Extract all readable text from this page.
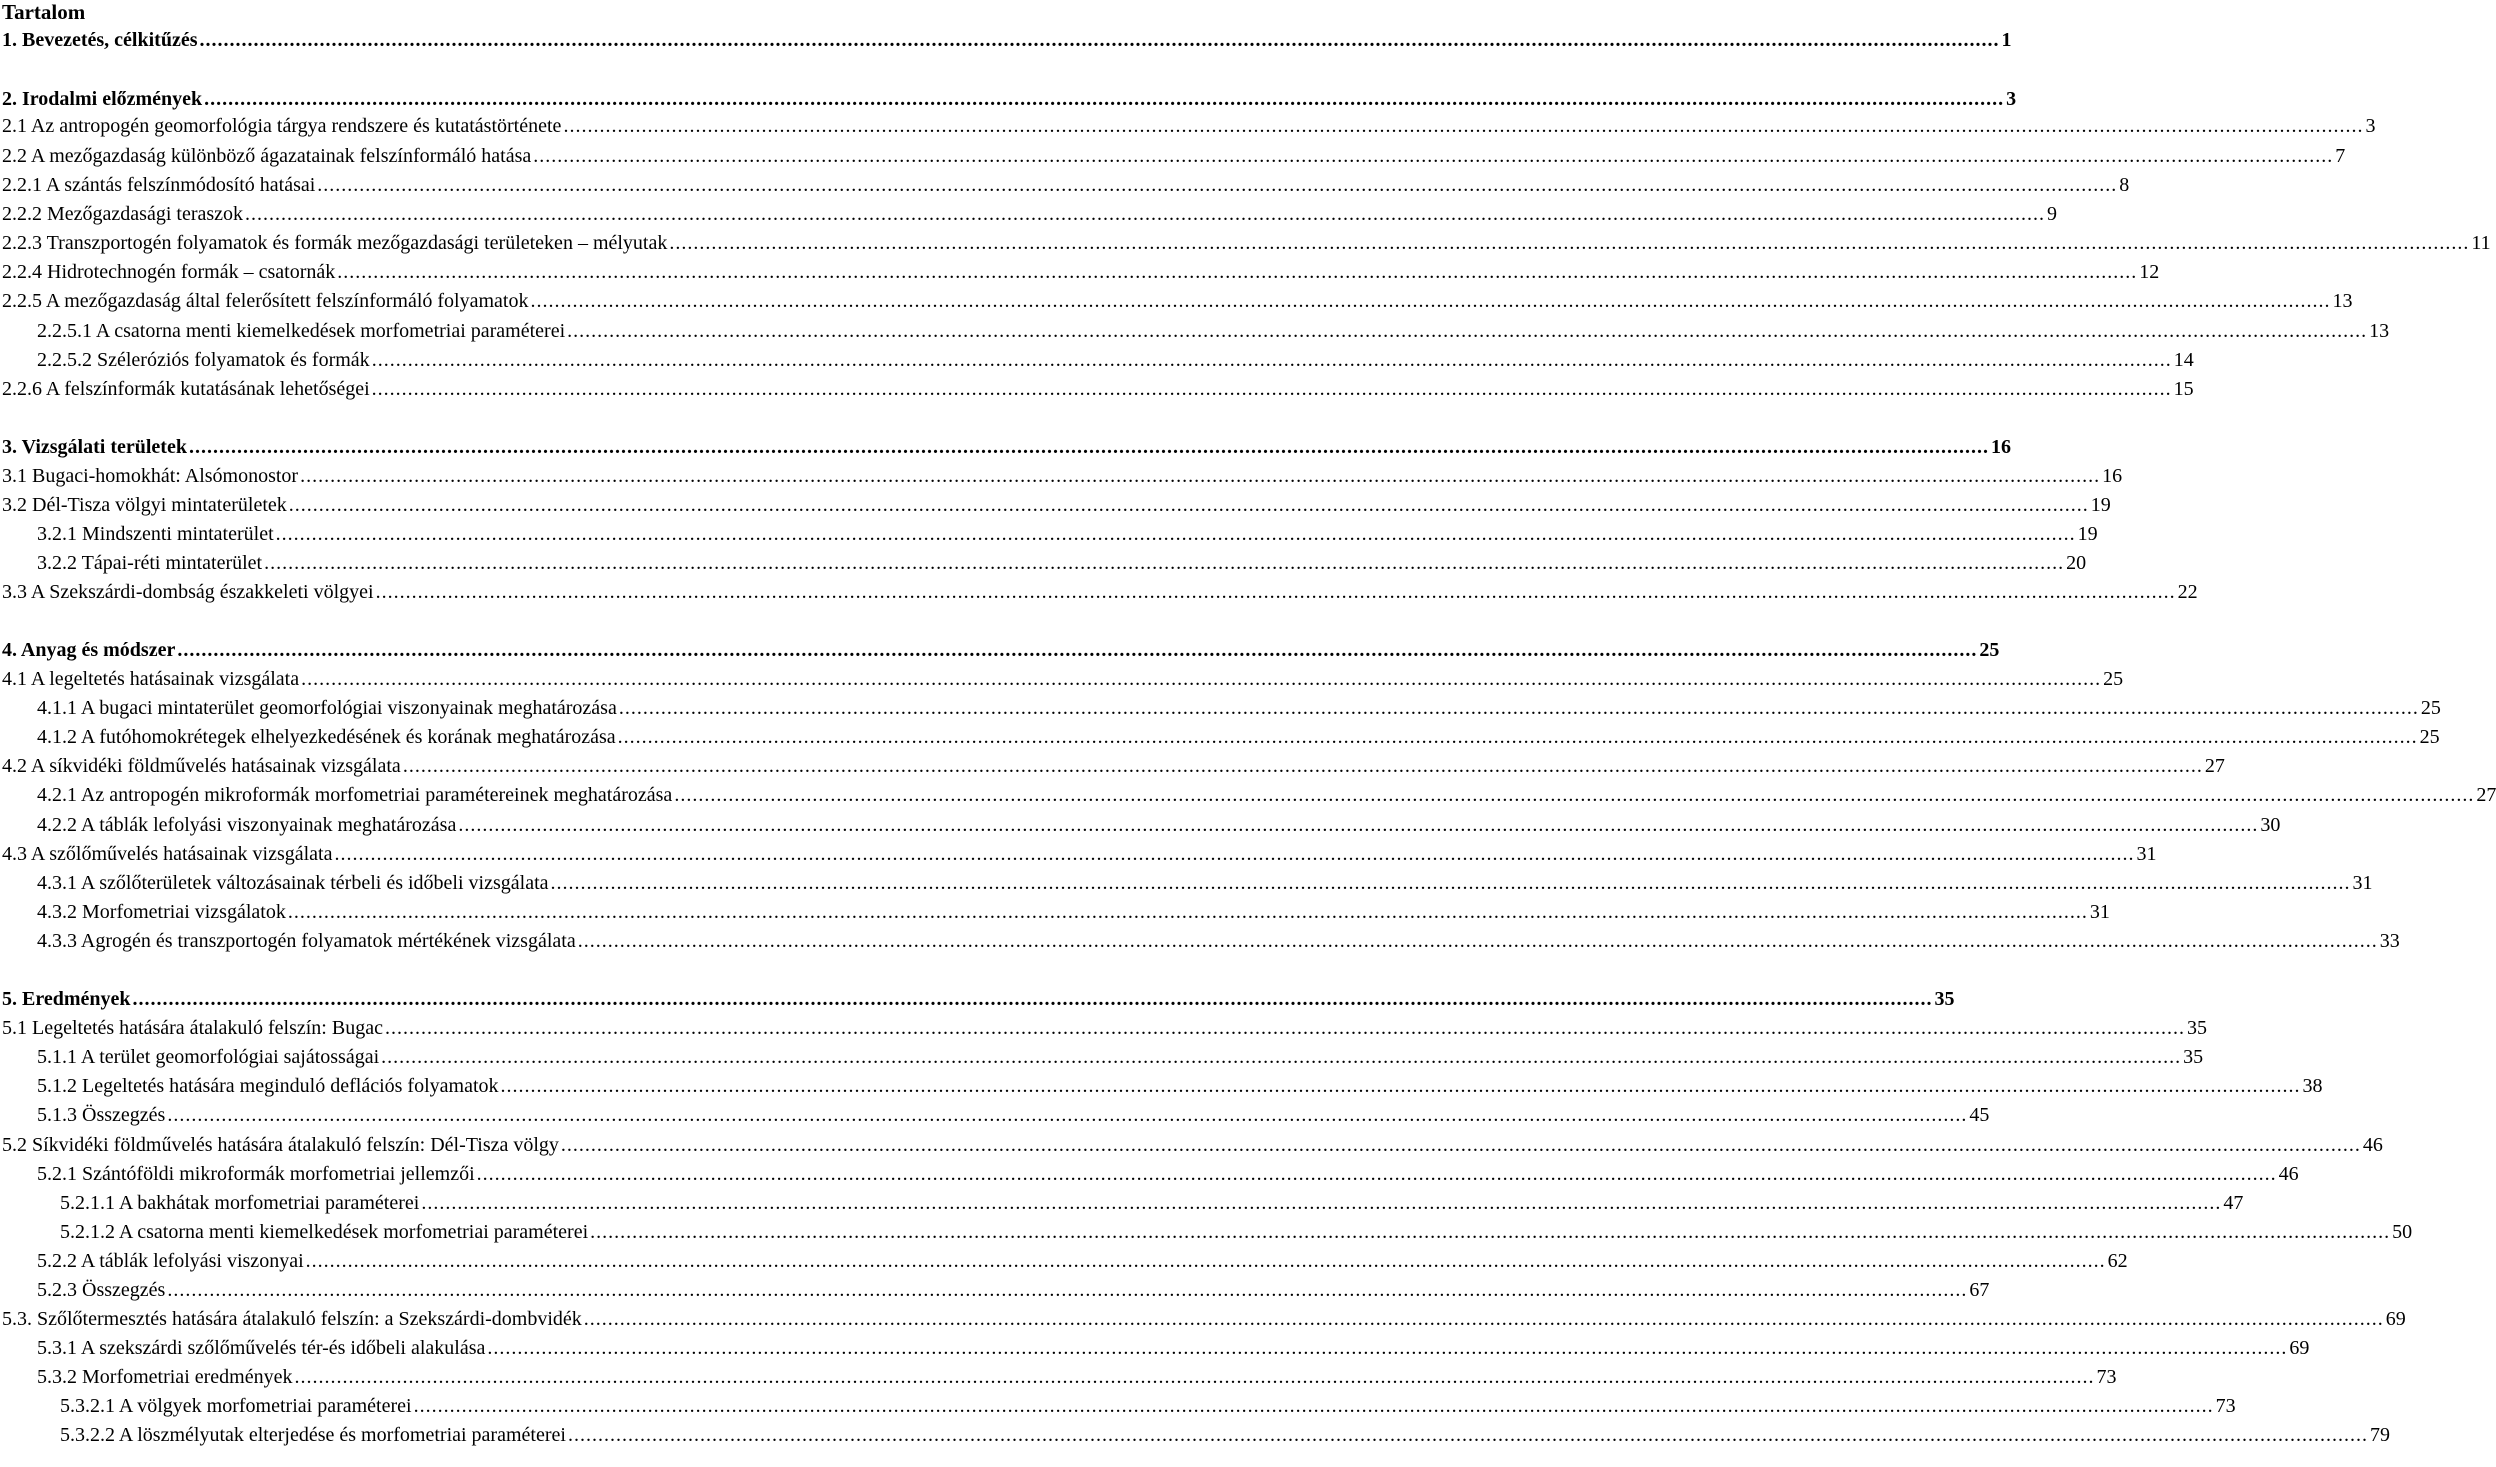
Tartalom
1. Bevezetés, célkitűzés ............................................................................................................................................................................................................................................................................................................ 1
2. Irodalmi előzmények ............................................................................................................................................................................................................................................................................................................ 3
2.1 Az antropogén geomorfológia tárgya rendszere és kutatástörténete ............................................................................................................................................................................................................................................................................................................ 3
2.2 A mezőgazdaság különböző ágazatainak felszínformáló hatása ............................................................................................................................................................................................................................................................................................................ 7
2.2.1 A szántás felszínmódosító hatásai ............................................................................................................................................................................................................................................................................................................ 8
2.2.2 Mezőgazdasági teraszok ............................................................................................................................................................................................................................................................................................................ 9
2.2.3 Transzportogén folyamatok és formák mezőgazdasági területeken – mélyutak ............................................................................................................................................................................................................................................................................................................ 11
2.2.4 Hidrotechnogén formák – csatornák ............................................................................................................................................................................................................................................................................................................ 12
2.2.5 A mezőgazdaság által felerősített felszínformáló folyamatok ............................................................................................................................................................................................................................................................................................................ 13
2.2.5.1 A csatorna menti kiemelkedések morfometriai paraméterei ............................................................................................................................................................................................................................................................................................................ 13
2.2.5.2 Széleróziós folyamatok és formák ............................................................................................................................................................................................................................................................................................................ 14
2.2.6 A felszínformák kutatásának lehetőségei ............................................................................................................................................................................................................................................................................................................ 15
3. Vizsgálati területek ............................................................................................................................................................................................................................................................................................................ 16
3.1 Bugaci-homokhát: Alsómonostor ............................................................................................................................................................................................................................................................................................................ 16
3.2 Dél-Tisza völgyi mintaterületek ............................................................................................................................................................................................................................................................................................................ 19
3.2.1 Mindszenti mintaterület ............................................................................................................................................................................................................................................................................................................ 19
3.2.2 Tápai-réti mintaterület ............................................................................................................................................................................................................................................................................................................ 20
3.3 A Szekszárdi-dombság északkeleti völgyei ............................................................................................................................................................................................................................................................................................................ 22
4. Anyag és módszer ............................................................................................................................................................................................................................................................................................................ 25
4.1 A legeltetés hatásainak vizsgálata ............................................................................................................................................................................................................................................................................................................ 25
4.1.1 A bugaci mintaterület geomorfológiai viszonyainak meghatározása ............................................................................................................................................................................................................................................................................................................ 25
4.1.2 A futóhomokrétegek elhelyezkedésének és korának meghatározása ............................................................................................................................................................................................................................................................................................................ 25
4.2 A síkvidéki földművelés hatásainak vizsgálata ............................................................................................................................................................................................................................................................................................................ 27
4.2.1 Az antropogén mikroformák morfometriai paramétereinek meghatározása ............................................................................................................................................................................................................................................................................................................ 27
4.2.2 A táblák lefolyási viszonyainak meghatározása ............................................................................................................................................................................................................................................................................................................ 30
4.3 A szőlőművelés hatásainak vizsgálata ............................................................................................................................................................................................................................................................................................................ 31
4.3.1 A szőlőterületek változásainak térbeli és időbeli vizsgálata ............................................................................................................................................................................................................................................................................................................ 31
4.3.2 Morfometriai vizsgálatok ............................................................................................................................................................................................................................................................................................................ 31
4.3.3 Agrogén és transzportogén folyamatok mértékének vizsgálata ............................................................................................................................................................................................................................................................................................................ 33
5. Eredmények ............................................................................................................................................................................................................................................................................................................ 35
5.1 Legeltetés hatására átalakuló felszín: Bugac ............................................................................................................................................................................................................................................................................................................ 35
5.1.1 A terület geomorfológiai sajátosságai ............................................................................................................................................................................................................................................................................................................ 35
5.1.2 Legeltetés hatására meginduló deflációs folyamatok ............................................................................................................................................................................................................................................................................................................ 38
5.1.3 Összegzés ............................................................................................................................................................................................................................................................................................................ 45
5.2 Síkvidéki földművelés hatására átalakuló felszín: Dél-Tisza völgy ............................................................................................................................................................................................................................................................................................................ 46
5.2.1 Szántóföldi mikroformák morfometriai jellemzői ............................................................................................................................................................................................................................................................................................................ 46
5.2.1.1 A bakhátak morfometriai paraméterei ............................................................................................................................................................................................................................................................................................................ 47
5.2.1.2 A csatorna menti kiemelkedések morfometriai paraméterei ............................................................................................................................................................................................................................................................................................................ 50
5.2.2 A táblák lefolyási viszonyai ............................................................................................................................................................................................................................................................................................................ 62
5.2.3 Összegzés ............................................................................................................................................................................................................................................................................................................ 67
5.3. Szőlőtermesztés hatására átalakuló felszín: a Szekszárdi-dombvidék ............................................................................................................................................................................................................................................................................................................ 69
5.3.1 A szekszárdi szőlőművelés tér-és időbeli alakulása ............................................................................................................................................................................................................................................................................................................ 69
5.3.2 Morfometriai eredmények ............................................................................................................................................................................................................................................................................................................ 73
5.3.2.1 A völgyek morfometriai paraméterei ............................................................................................................................................................................................................................................................................................................ 73
5.3.2.2 A löszmélyutak elterjedése és morfometriai paraméterei ............................................................................................................................................................................................................................................................................................................ 79
